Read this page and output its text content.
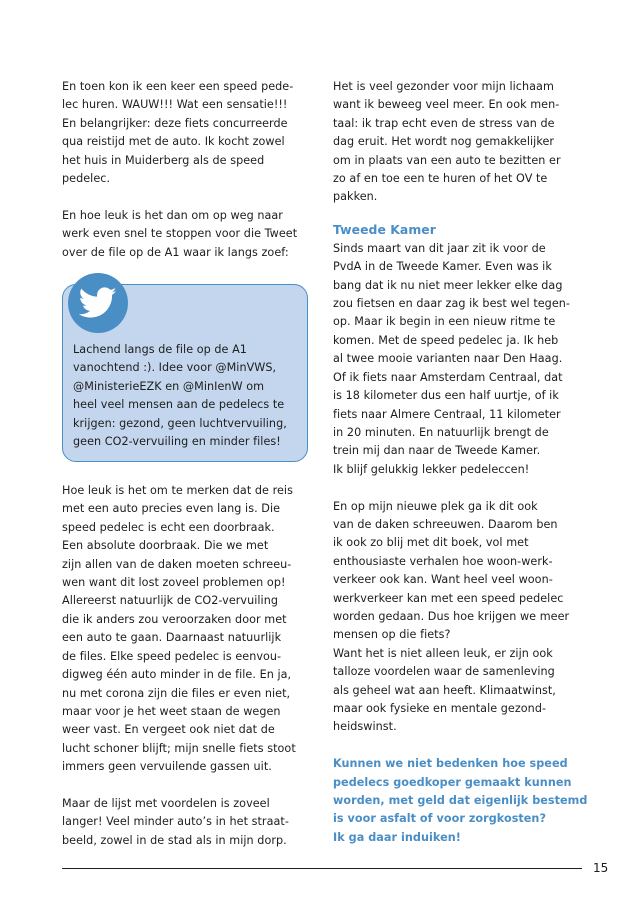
En toen kon ik een keer een speed pede-
lec huren. WAUW!!! Wat een sensatie!!!
En belangrijker: deze fiets concurreerde
qua reistijd met de auto. Ik kocht zowel
het huis in Muiderberg als de speed
pedelec.

En hoe leuk is het dan om op weg naar
werk even snel te stoppen voor die Tweet
over de file op de A1 waar ik langs zoef:

Lachend langs de file op de A1
vanochtend :). Idee voor @MinVWS,
@MinisterieEZK en @MinIenW om
heel veel mensen aan de pedelecs te
krijgen: gezond, geen luchtvervuiling,
geen CO2-vervuiling en minder files!

Hoe leuk is het om te merken dat de reis
met een auto precies even lang is. Die
speed pedelec is echt een doorbraak.
Een absolute doorbraak. Die we met
zijn allen van de daken moeten schreeu-
wen want dit lost zoveel problemen op!
Allereerst natuurlijk de CO2-vervuiling
die ik anders zou veroorzaken door met
een auto te gaan. Daarnaast natuurlijk
de files. Elke speed pedelec is eenvou-
digweg één auto minder in de file. En ja,
nu met corona zijn die files er even niet,
maar voor je het weet staan de wegen
weer vast. En vergeet ook niet dat de
lucht schoner blijft; mijn snelle fiets stoot
immers geen vervuilende gassen uit.

Maar de lijst met voordelen is zoveel
langer! Veel minder auto’s in het straat-
beeld, zowel in de stad als in mijn dorp.

Het is veel gezonder voor mijn lichaam
want ik beweeg veel meer. En ook men-
taal: ik trap echt even de stress van de
dag eruit. Het wordt nog gemakkelijker
om in plaats van een auto te bezitten er
zo af en toe een te huren of het OV te
pakken.

Tweede Kamer

Sinds maart van dit jaar zit ik voor de
PvdA in de Tweede Kamer. Even was ik
bang dat ik nu niet meer lekker elke dag
zou fietsen en daar zag ik best wel tegen-
op. Maar ik begin in een nieuw ritme te
komen. Met de speed pedelec ja. Ik heb
al twee mooie varianten naar Den Haag.
Of ik fiets naar Amsterdam Centraal, dat
is 18 kilometer dus een half uurtje, of ik
fiets naar Almere Centraal, 11 kilometer
in 20 minuten. En natuurlijk brengt de
trein mij dan naar de Tweede Kamer.
Ik blijf gelukkig lekker pedeleccen!

En op mijn nieuwe plek ga ik dit ook
van de daken schreeuwen. Daarom ben
ik ook zo blij met dit boek, vol met
enthousiaste verhalen hoe woon-werk-
verkeer ook kan. Want heel veel woon-
werkverkeer kan met een speed pedelec
worden gedaan. Dus hoe krijgen we meer
mensen op die fiets?
Want het is niet alleen leuk, er zijn ook
talloze voordelen waar de samenleving
als geheel wat aan heeft. Klimaatwinst,
maar ook fysieke en mentale gezond-
heidswinst.

Kunnen we niet bedenken hoe speed
pedelecs goedkoper gemaakt kunnen
worden, met geld dat eigenlijk bestemd
is voor asfalt of voor zorgkosten?
Ik ga daar induiken!

15
